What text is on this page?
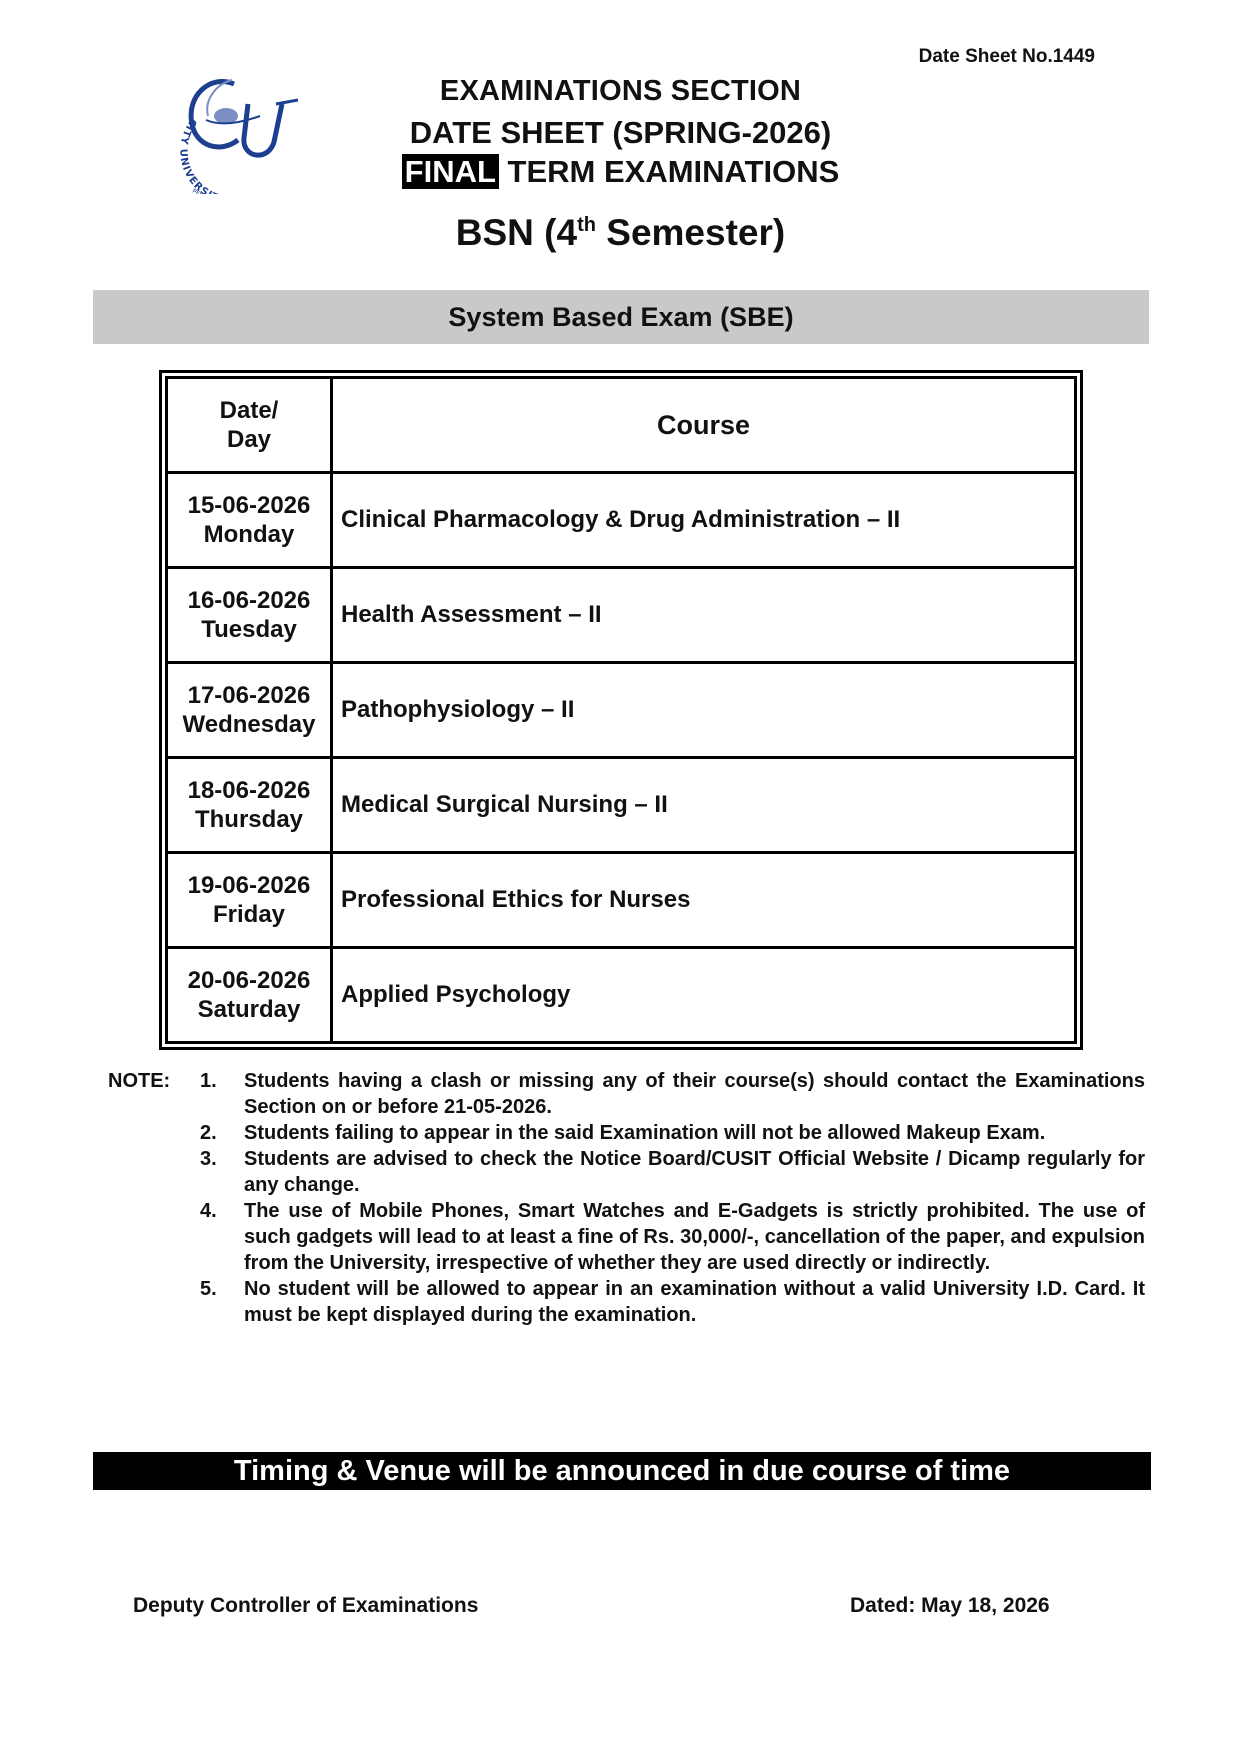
Date Sheet No.1449
CITY UNIVERS
EXAMINATIONS SECTION
DATE SHEET (SPRING-2026)
FINAL TERM EXAMINATIONS
BSN (4th Semester)
System Based Exam (SBE)
Date/
Day	Course

15-06-2026
Monday	Clinical Pharmacology & Drug Administration – II

16-06-2026
Tuesday	Health Assessment – II

17-06-2026
Wednesday	Pathophysiology – II

18-06-2026
Thursday	Medical Surgical Nursing – II

19-06-2026
Friday	Professional Ethics for Nurses

20-06-2026
Saturday	Applied Psychology
NOTE: 1. Students having a clash or missing any of their course(s) should contact the Examinations Section on or before 21-05-2026.
2. Students failing to appear in the said Examination will not be allowed Makeup Exam.
3. Students are advised to check the Notice Board/CUSIT Official Website / Dicamp regularly for any change.
4. The use of Mobile Phones, Smart Watches and E-Gadgets is strictly prohibited. The use of such gadgets will lead to at least a fine of Rs. 30,000/-, cancellation of the paper, and expulsion from the University, irrespective of whether they are used directly or indirectly.
5. No student will be allowed to appear in an examination without a valid University I.D. Card. It must be kept displayed during the examination.
Timing & Venue will be announced in due course of time
Deputy Controller of Examinations	Dated: May 18, 2026
